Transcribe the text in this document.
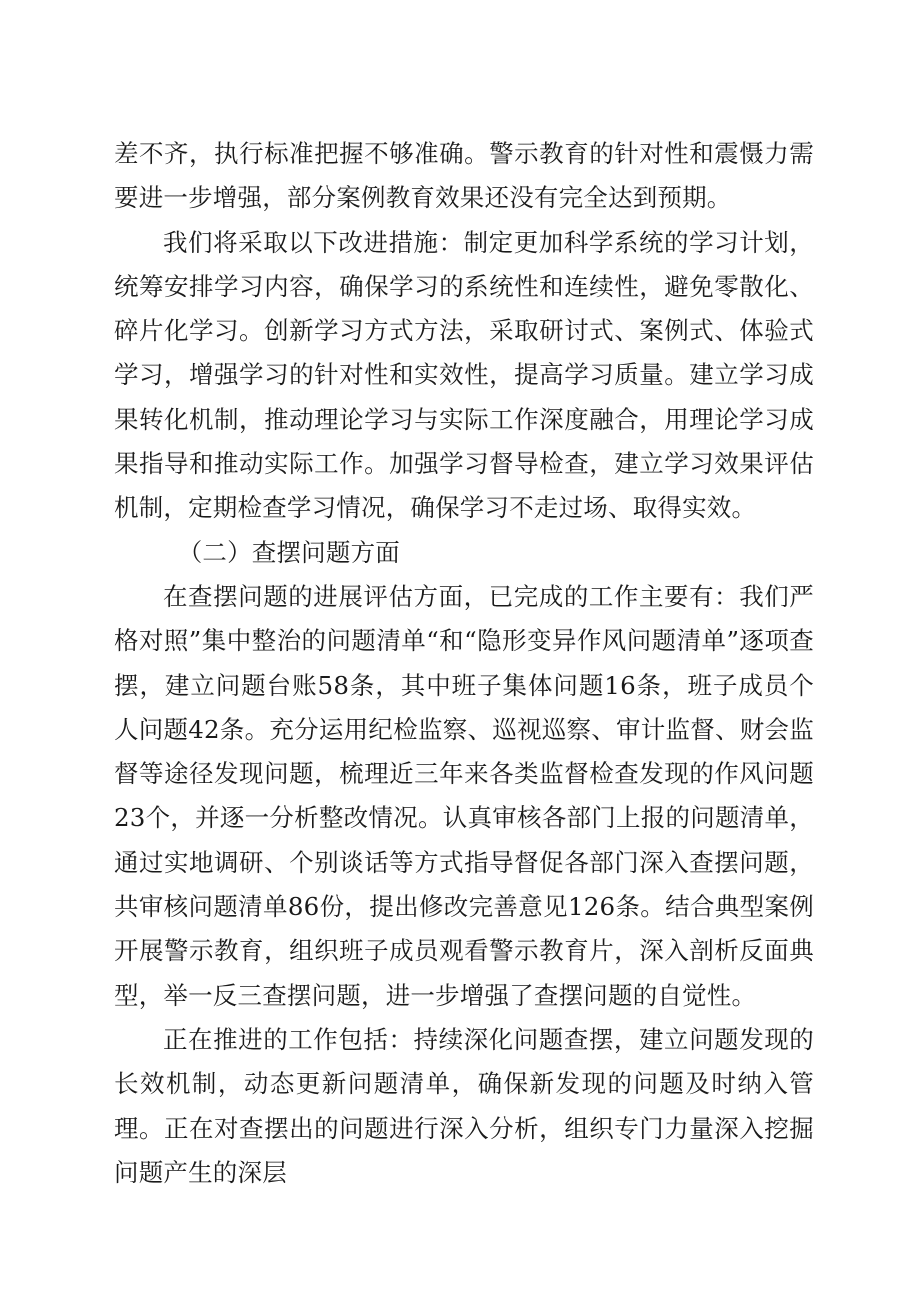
差不齐，执行标准把握不够准确。警示教育的针对性和震慑力需要进一步增强，部分案例教育效果还没有完全达到预期。

我们将采取以下改进措施：制定更加科学系统的学习计划，统筹安排学习内容，确保学习的系统性和连续性，避免零散化、碎片化学习。创新学习方式方法，采取研讨式、案例式、体验式学习，增强学习的针对性和实效性，提高学习质量。建立学习成果转化机制，推动理论学习与实际工作深度融合，用理论学习成果指导和推动实际工作。加强学习督导检查，建立学习效果评估机制，定期检查学习情况，确保学习不走过场、取得实效。

（二）查摆问题方面

在查摆问题的进展评估方面，已完成的工作主要有：我们严格对照”集中整治的问题清单“和“隐形变异作风问题清单”逐项查摆，建立问题台账58条，其中班子集体问题16条，班子成员个人问题42条。充分运用纪检监察、巡视巡察、审计监督、财会监督等途径发现问题，梳理近三年来各类监督检查发现的作风问题23个，并逐一分析整改情况。认真审核各部门上报的问题清单，通过实地调研、个别谈话等方式指导督促各部门深入查摆问题，共审核问题清单86份，提出修改完善意见126条。结合典型案例开展警示教育，组织班子成员观看警示教育片，深入剖析反面典型，举一反三查摆问题，进一步增强了查摆问题的自觉性。

正在推进的工作包括：持续深化问题查摆，建立问题发现的长效机制，动态更新问题清单，确保新发现的问题及时纳入管理。正在对查摆出的问题进行深入分析，组织专门力量深入挖掘问题产生的深层
